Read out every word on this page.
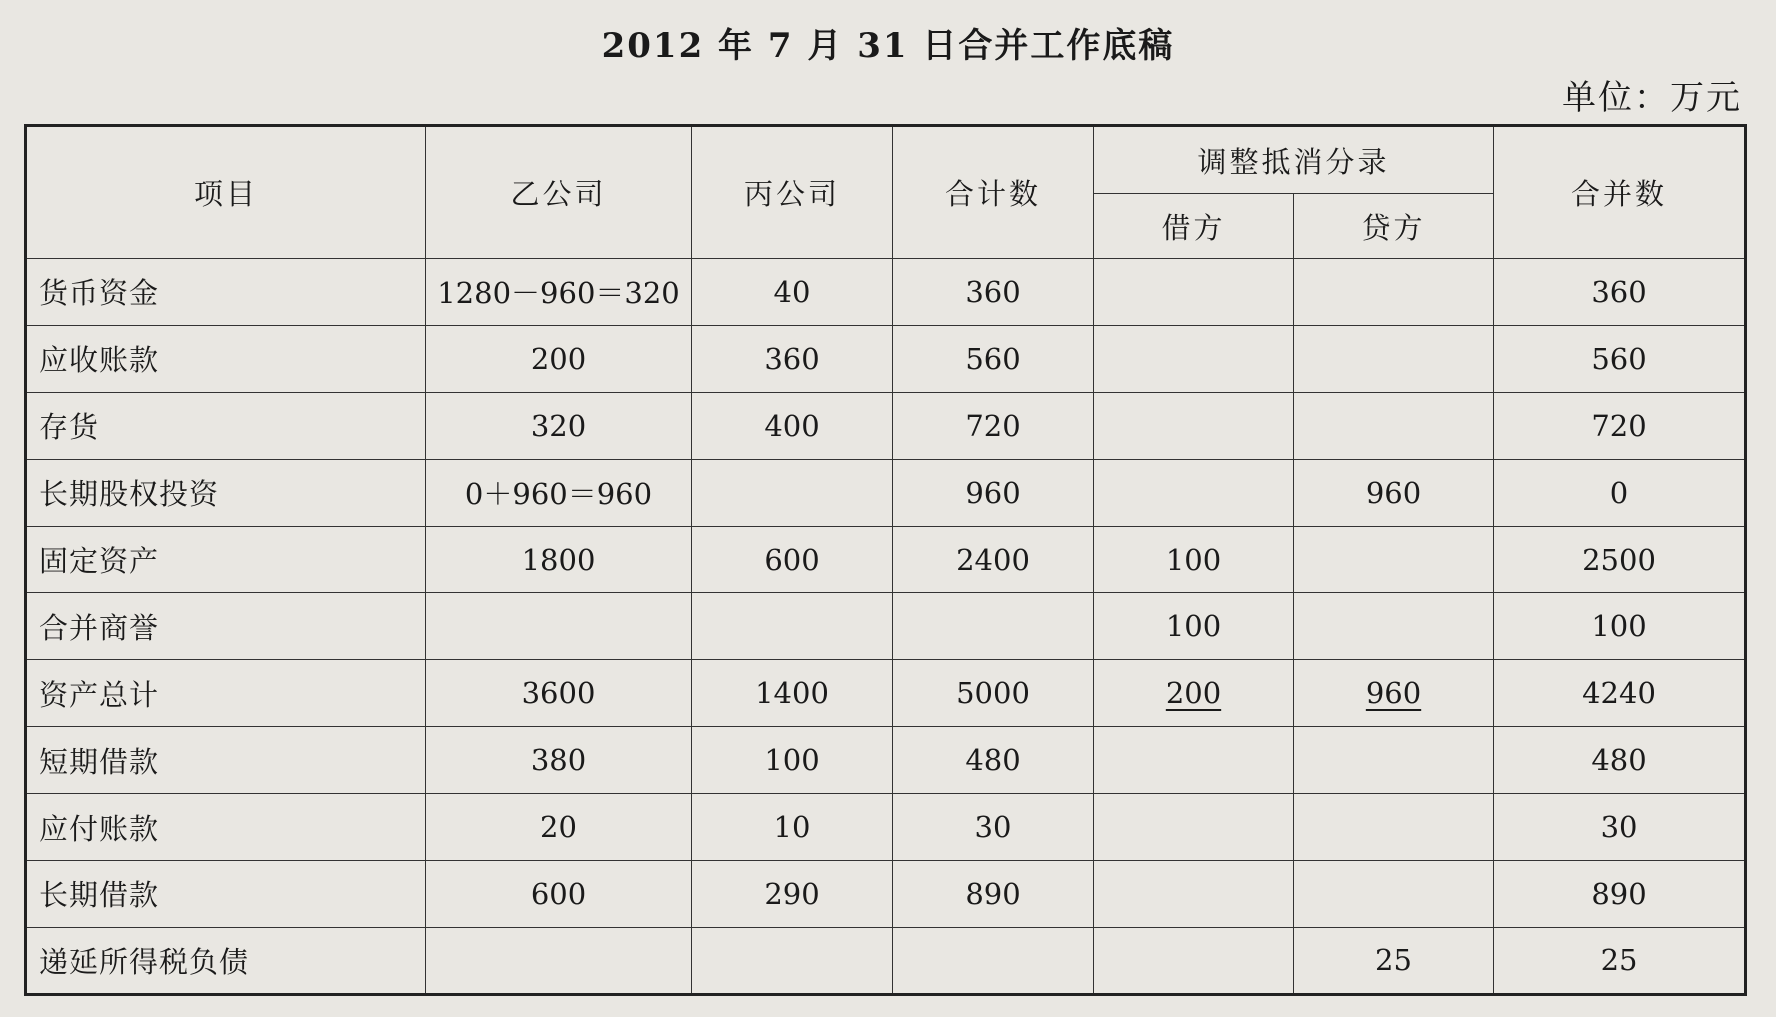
2012 年 7 月 31 日合并工作底稿
单位：万元
项目	乙公司	丙公司	合计数	调整抵消分录		合并数
				借方	贷方	
货币资金	1280－960＝320	40	360			360
应收账款	200	360	560			560
存货	320	400	720			720
长期股权投资	0＋960＝960		960		960	0
固定资产	1800	600	2400	100		2500
合并商誉				100		100
资产总计	3600	1400	5000	200	960	4240
短期借款	380	100	480			480
应付账款	20	10	30			30
长期借款	600	290	890			890
递延所得税负债					25	25
